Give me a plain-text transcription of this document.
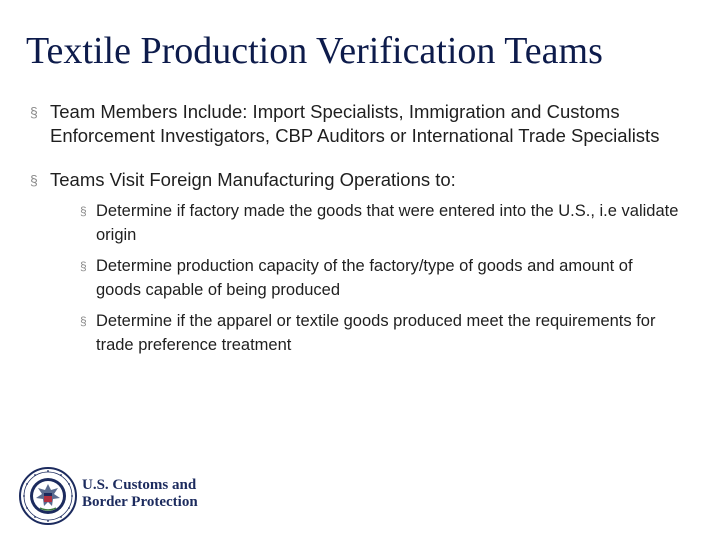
Textile Production Verification Teams
§ Team Members Include: Import Specialists, Immigration and Customs Enforcement Investigators, CBP Auditors or International Trade Specialists
§ Teams Visit Foreign Manufacturing Operations to:
§ Determine if factory made the goods that were entered into the U.S., i.e validate origin
§ Determine production capacity of the factory/type of goods and amount of goods capable of being produced
§ Determine if the apparel or textile goods produced meet the requirements for trade preference treatment
U.S. Customs and
Border Protection
